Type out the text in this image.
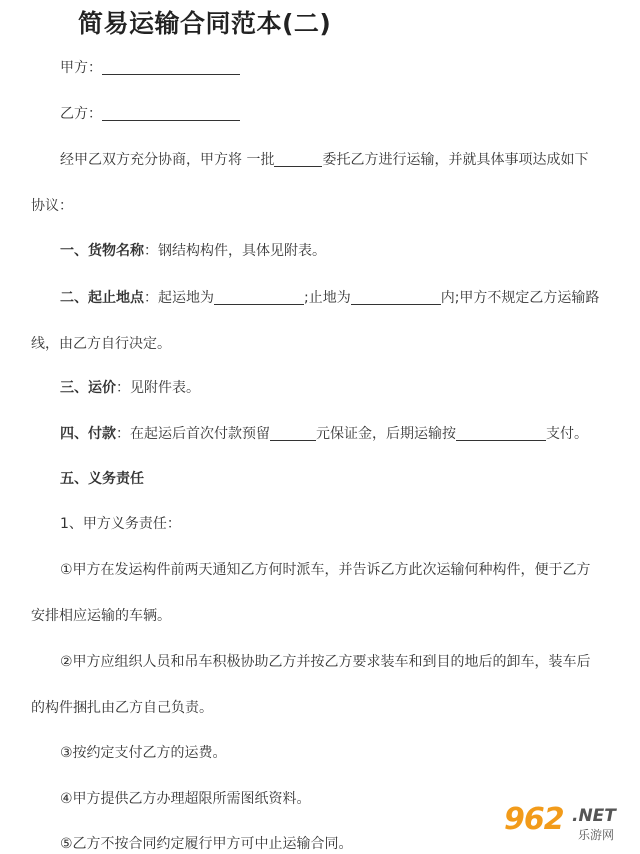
简易运输合同范本(二)
甲方：
乙方：
经甲乙双方充分协商，甲方将 一批	委托乙方进行运输，并就具体事项达成如下
协议：
一、货物名称：钢结构构件，具体见附表。
二、起止地点：起运地为	;止地为	内;甲方不规定乙方运输路
线，由乙方自行决定。
三、运价：见附件表。
四、付款：在起运后首次付款预留	元保证金，后期运输按	支付。
五、义务责任
1、甲方义务责任：
①甲方在发运构件前两天通知乙方何时派车，并告诉乙方此次运输何种构件，便于乙方
安排相应运输的车辆。
②甲方应组织人员和吊车积极协助乙方并按乙方要求装车和到目的地后的卸车，装车后
的构件捆扎由乙方自己负责。
③按约定支付乙方的运费。
④甲方提供乙方办理超限所需图纸资料。
⑤乙方不按合同约定履行甲方可中止运输合同。
962 .NET
乐游网
